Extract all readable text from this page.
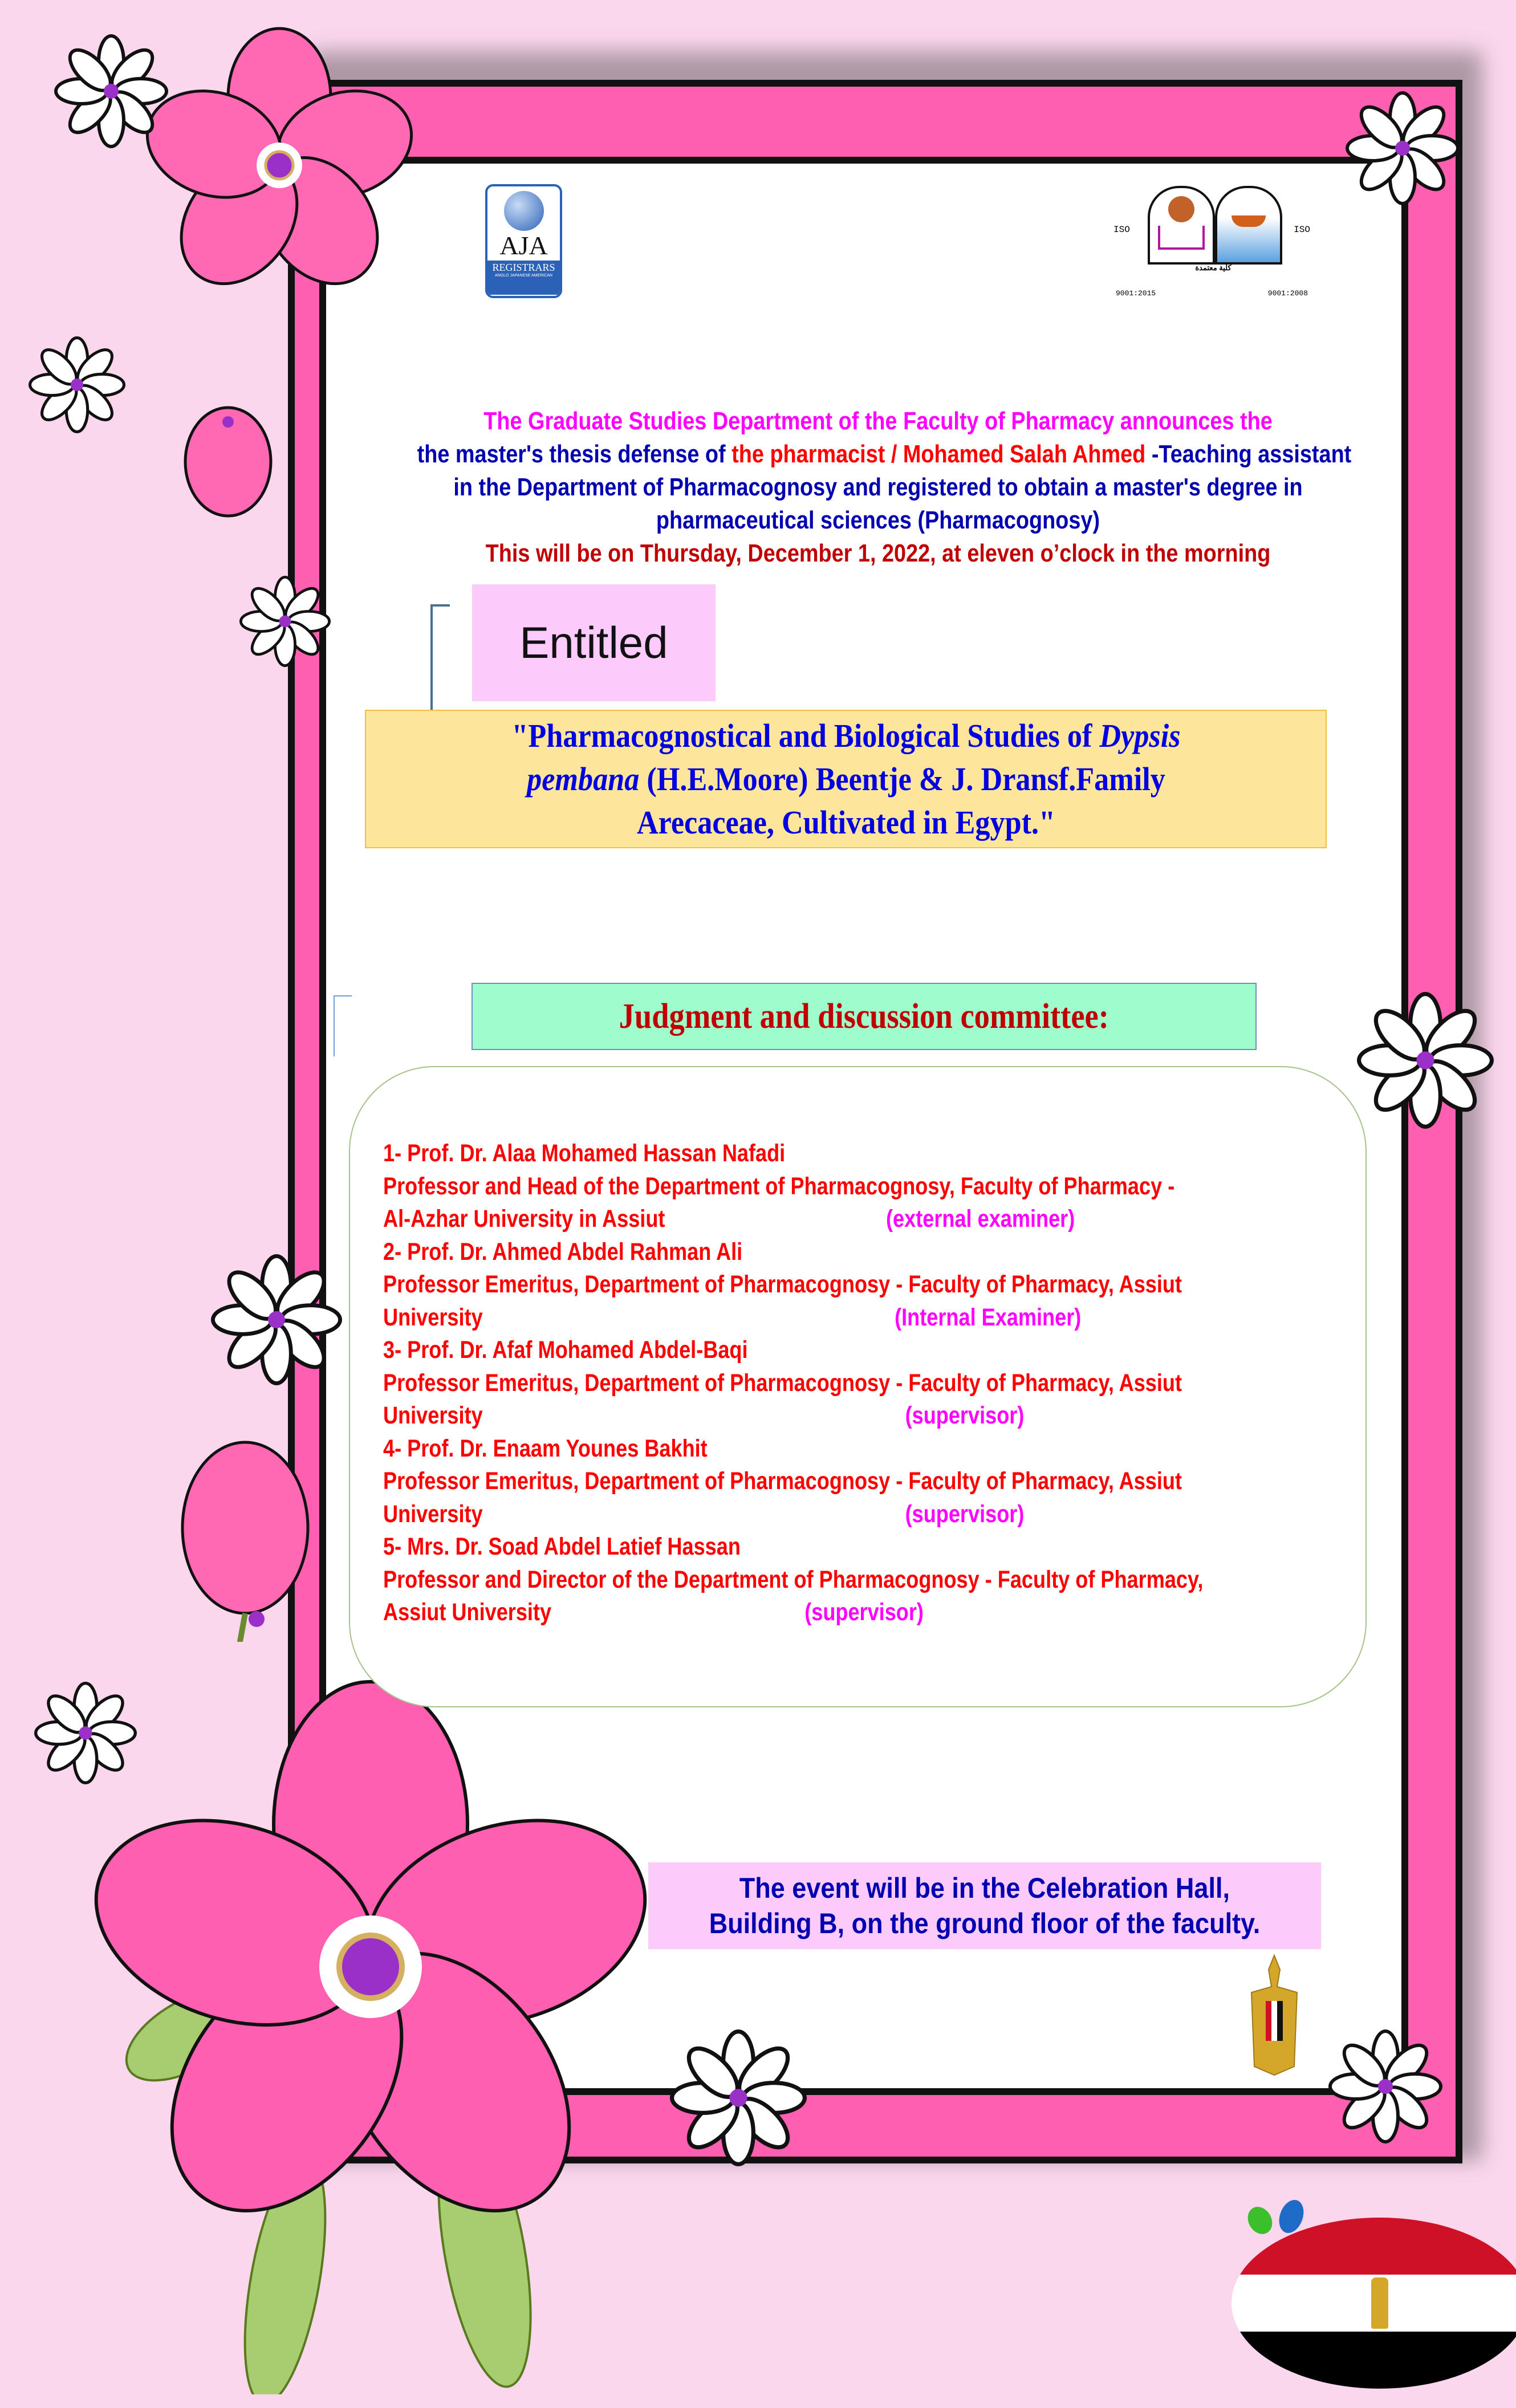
AJA
REGISTRARS
ANGLO JAPANESE AMERICAN
ISO	ISO
كلية معتمدة
9001:2015	9001:2008
The Graduate Studies Department of the Faculty of Pharmacy announces the
the master's thesis defense of the pharmacist / Mohamed Salah Ahmed -Teaching assistant
in the Department of Pharmacognosy and registered to obtain a master's degree in
pharmaceutical sciences (Pharmacognosy)
This will be on Thursday, December 1, 2022, at eleven o’clock in the morning
Entitled

"Pharmacognostical and Biological Studies of Dypsis
pembana (H.E.Moore) Beentje & J. Dransf.Family Arecaceae, Cultivated in Egypt."

Judgment and discussion committee:
1- Prof. Dr. Alaa Mohamed Hassan Nafadi
Professor and Head of the Department of Pharmacognosy, Faculty of Pharmacy -
Al-Azhar University in Assiut	(external examiner)
2- Prof. Dr. Ahmed Abdel Rahman Ali
Professor Emeritus, Department of Pharmacognosy - Faculty of Pharmacy, Assiut
University	(Internal Examiner)
3- Prof. Dr. Afaf Mohamed Abdel-Baqi
Professor Emeritus, Department of Pharmacognosy - Faculty of Pharmacy, Assiut
University	(supervisor)
4- Prof. Dr. Enaam Younes Bakhit
Professor Emeritus, Department of Pharmacognosy - Faculty of Pharmacy, Assiut
University	(supervisor)
5- Mrs. Dr. Soad Abdel Latief Hassan
Professor and Director of the Department of Pharmacognosy - Faculty of Pharmacy,
Assiut University	(supervisor)
The event will be in the Celebration Hall,
Building B, on the ground floor of the faculty.
